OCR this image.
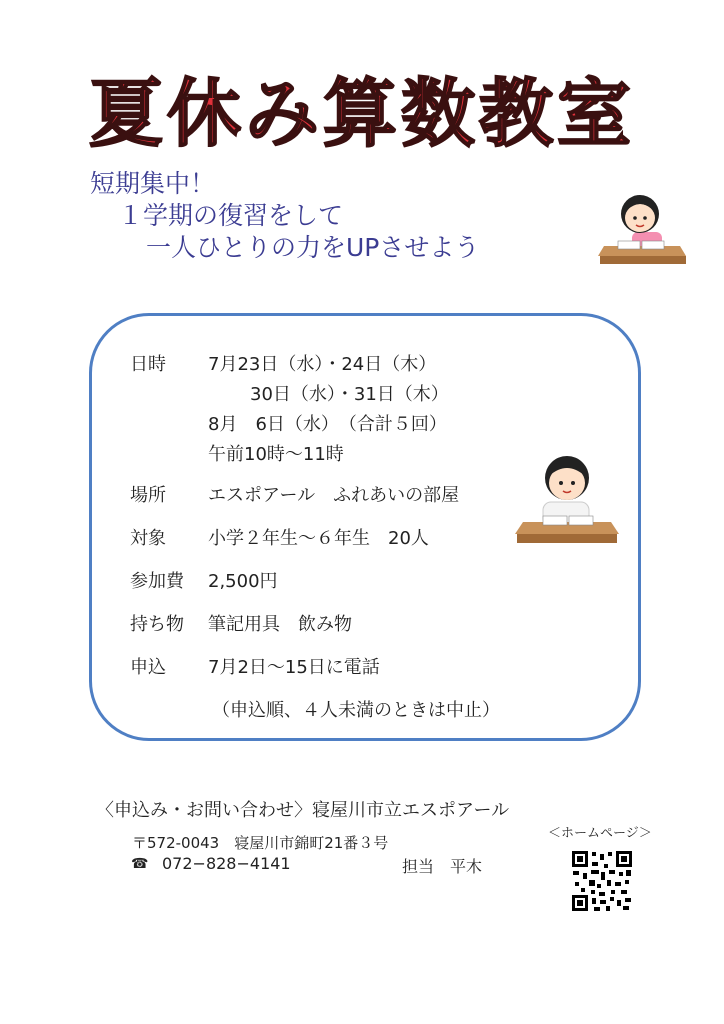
夏休み算数教室
短期集中！
１学期の復習をして
一人ひとりの力をUPさせよう
日時 7月23日（水）・24日（木）
30日（水）・31日（木）
8月　6日（水）　（合計５回）
午前10時～11時
場所 エスポアール　ふれあいの部屋
対象 小学２年生～６年生　20人
参加費 2,500円
持ち物 筆記用具　飲み物
申込 7月2日～15日に電話
（申込順、４人未満のときは中止）
〈申込み・お問い合わせ〉寝屋川市立エスポアール
〒572-0043　寝屋川市錦町21番３号
☎ 072−828−4141	担当　平木
＜ホームページ＞
